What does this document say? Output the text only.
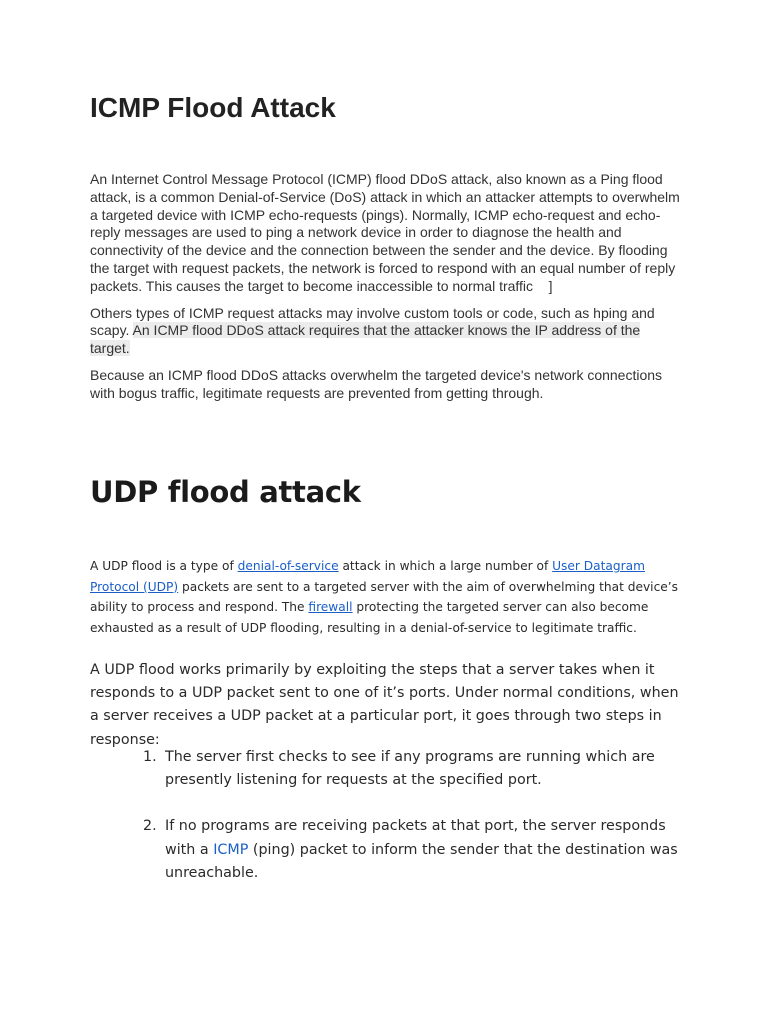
ICMP Flood Attack

An Internet Control Message Protocol (ICMP) flood DDoS attack, also known as a Ping flood attack, is a common Denial-of-Service (DoS) attack in which an attacker attempts to overwhelm a targeted device with ICMP echo-requests (pings). Normally, ICMP echo-request and echo-reply messages are used to ping a network device in order to diagnose the health and connectivity of the device and the connection between the sender and the device. By flooding the target with request packets, the network is forced to respond with an equal number of reply packets. This causes the target to become inaccessible to normal traffic ]

Others types of ICMP request attacks may involve custom tools or code, such as hping and scapy. An ICMP flood DDoS attack requires that the attacker knows the IP address of the target.

Because an ICMP flood DDoS attacks overwhelm the targeted device's network connections with bogus traffic, legitimate requests are prevented from getting through.

UDP flood attack

A UDP flood is a type of denial-of-service attack in which a large number of User Datagram Protocol (UDP) packets are sent to a targeted server with the aim of overwhelming that device’s ability to process and respond. The firewall protecting the targeted server can also become exhausted as a result of UDP flooding, resulting in a denial-of-service to legitimate traffic.

A UDP flood works primarily by exploiting the steps that a server takes when it responds to a UDP packet sent to one of it’s ports. Under normal conditions, when a server receives a UDP packet at a particular port, it goes through two steps in response:

1. The server first checks to see if any programs are running which are presently listening for requests at the specified port.
2. If no programs are receiving packets at that port, the server responds with a ICMP (ping) packet to inform the sender that the destination was unreachable.
